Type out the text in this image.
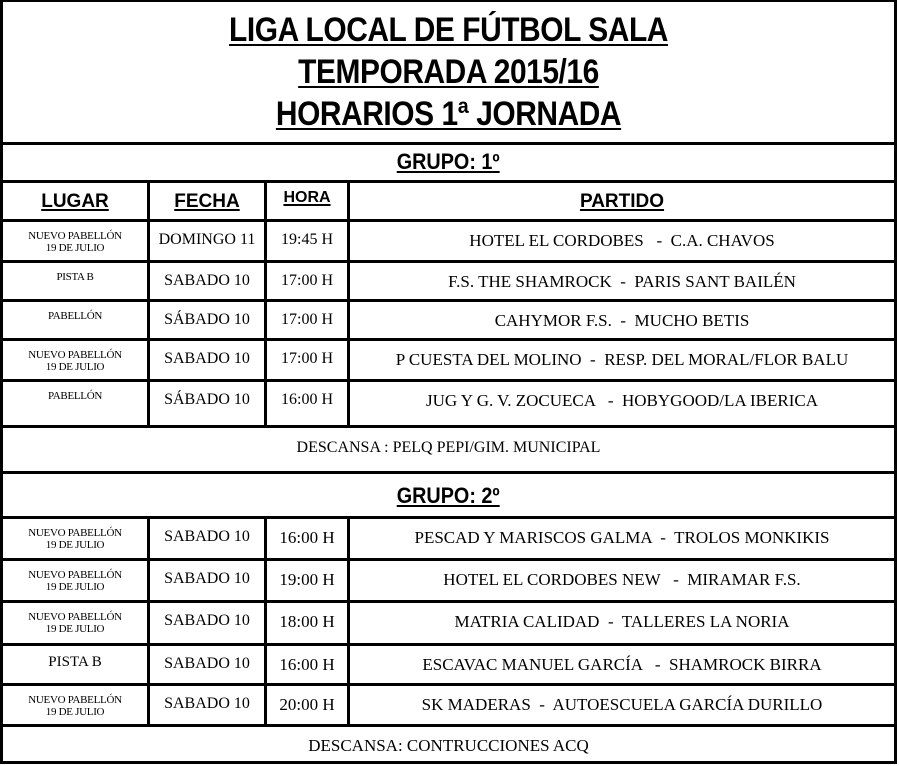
LIGA LOCAL DE FÚTBOL SALA
TEMPORADA 2015/16
HORARIOS 1ª JORNADA
GRUPO: 1º
LUGAR	FECHA	HORA	PARTIDO
NUEVO PABELLÓN
19 DE JULIO	DOMINGO 11	19:45 H	HOTEL EL CORDOBES   -  C.A. CHAVOS
PISTA B	SABADO 10	17:00 H	F.S. THE SHAMROCK  -  PARIS SANT BAILÉN
PABELLÓN	SÁBADO 10	17:00 H	CAHYMOR F.S.  -  MUCHO BETIS
NUEVO PABELLÓN
19 DE JULIO	SABADO 10	17:00 H	P CUESTA DEL MOLINO  -  RESP. DEL MORAL/FLOR BALU
PABELLÓN	SÁBADO 10	16:00 H	JUG Y G. V. ZOCUECA   -  HOBYGOOD/LA IBERICA
DESCANSA : PELQ PEPI/GIM. MUNICIPAL
GRUPO: 2º
NUEVO PABELLÓN
19 DE JULIO	SABADO 10	16:00 H	PESCAD Y MARISCOS GALMA  -  TROLOS MONKIKIS
NUEVO PABELLÓN
19 DE JULIO	SABADO 10	19:00 H	HOTEL EL CORDOBES NEW   -  MIRAMAR F.S.
NUEVO PABELLÓN
19 DE JULIO	SABADO 10	18:00 H	MATRIA CALIDAD  -  TALLERES LA NORIA
PISTA B	SABADO 10	16:00 H	ESCAVAC MANUEL GARCÍA   -  SHAMROCK BIRRA
NUEVO PABELLÓN
19 DE JULIO	SABADO 10	20:00 H	SK MADERAS  -  AUTOESCUELA GARCÍA DURILLO
DESCANSA: CONTRUCCIONES ACQ
